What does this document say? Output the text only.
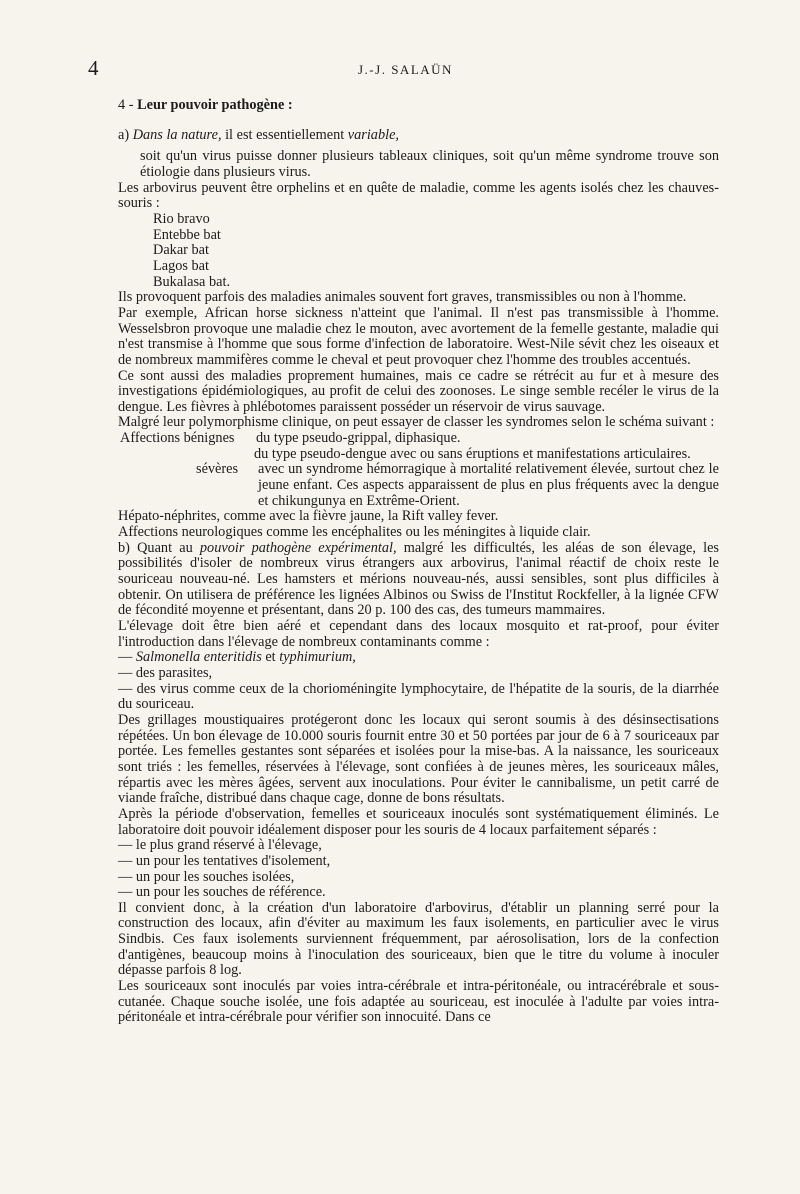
4	J.-J. SALAÜN

4 - Leur pouvoir pathogène :

a) Dans la nature, il est essentiellement variable,

soit qu'un virus puisse donner plusieurs tableaux cliniques, soit qu'un même syndrome trouve son étiologie dans plusieurs virus.

Les arbovirus peuvent être orphelins et en quête de maladie, comme les agents isolés chez les chauves-souris :

Rio bravo

Entebbe bat

Dakar bat

Lagos bat

Bukalasa bat.

Ils provoquent parfois des maladies animales souvent fort graves, transmissibles ou non à l'homme.

Par exemple, African horse sickness n'atteint que l'animal. Il n'est pas transmissible à l'homme. Wesselsbron provoque une maladie chez le mouton, avec avortement de la femelle gestante, maladie qui n'est transmise à l'homme que sous forme d'infection de laboratoire. West-Nile sévit chez les oiseaux et de nombreux mammifères comme le cheval et peut provoquer chez l'homme des troubles accentués.

Ce sont aussi des maladies proprement humaines, mais ce cadre se rétrécit au fur et à mesure des investigations épidémiologiques, au profit de celui des zoonoses. Le singe semble recéler le virus de la dengue. Les fièvres à phlébotomes paraissent posséder un réservoir de virus sauvage.

Malgré leur polymorphisme clinique, on peut essayer de classer les syndromes selon le schéma suivant :

Affections bénignes	du type pseudo-grippal, diphasique.
du type pseudo-dengue avec ou sans éruptions et manifestations articulaires.
sévères	avec un syndrome hémorragique à mortalité relativement élevée, surtout chez le jeune enfant. Ces aspects apparaissent de plus en plus fréquents avec la dengue et chikungunya en Extrême-Orient.

Hépato-néphrites, comme avec la fièvre jaune, la Rift valley fever.

Affections neurologiques comme les encéphalites ou les méningites à liquide clair.

b) Quant au pouvoir pathogène expérimental, malgré les difficultés, les aléas de son élevage, les possibilités d'isoler de nombreux virus étrangers aux arbovirus, l'animal réactif de choix reste le souriceau nouveau-né. Les hamsters et mérions nouveau-nés, aussi sensibles, sont plus difficiles à obtenir. On utilisera de préférence les lignées Albinos ou Swiss de l'Institut Rockfeller, à la lignée CFW de fécondité moyenne et présentant, dans 20 p. 100 des cas, des tumeurs mammaires.

L'élevage doit être bien aéré et cependant dans des locaux mosquito et rat-proof, pour éviter l'introduction dans l'élevage de nombreux contaminants comme :

— Salmonella enteritidis et typhimurium,

— des parasites,

— des virus comme ceux de la chorioméningite lymphocytaire, de l'hépatite de la souris, de la diarrhée du souriceau.

Des grillages moustiquaires protégeront donc les locaux qui seront soumis à des désinsectisations répétées. Un bon élevage de 10.000 souris fournit entre 30 et 50 portées par jour de 6 à 7 souriceaux par portée. Les femelles gestantes sont séparées et isolées pour la mise-bas. A la naissance, les souriceaux sont triés : les femelles, réservées à l'élevage, sont confiées à de jeunes mères, les souriceaux mâles, répartis avec les mères âgées, servent aux inoculations. Pour éviter le cannibalisme, un petit carré de viande fraîche, distribué dans chaque cage, donne de bons résultats.

Après la période d'observation, femelles et souriceaux inoculés sont systématiquement éliminés. Le laboratoire doit pouvoir idéalement disposer pour les souris de 4 locaux parfaitement séparés :

— le plus grand réservé à l'élevage,

— un pour les tentatives d'isolement,

— un pour les souches isolées,

— un pour les souches de référence.

Il convient donc, à la création d'un laboratoire d'arbovirus, d'établir un planning serré pour la construction des locaux, afin d'éviter au maximum les faux isolements, en particulier avec le virus Sindbis. Ces faux isolements surviennent fréquemment, par aérosolisation, lors de la confection d'antigènes, beaucoup moins à l'inoculation des souriceaux, bien que le titre du volume à inoculer dépasse parfois 8 log.

Les souriceaux sont inoculés par voies intra-cérébrale et intra-péritonéale, ou intracérébrale et sous-cutanée. Chaque souche isolée, une fois adaptée au souriceau, est inoculée à l'adulte par voies intra-péritonéale et intra-cérébrale pour vérifier son innocuité. Dans ce
